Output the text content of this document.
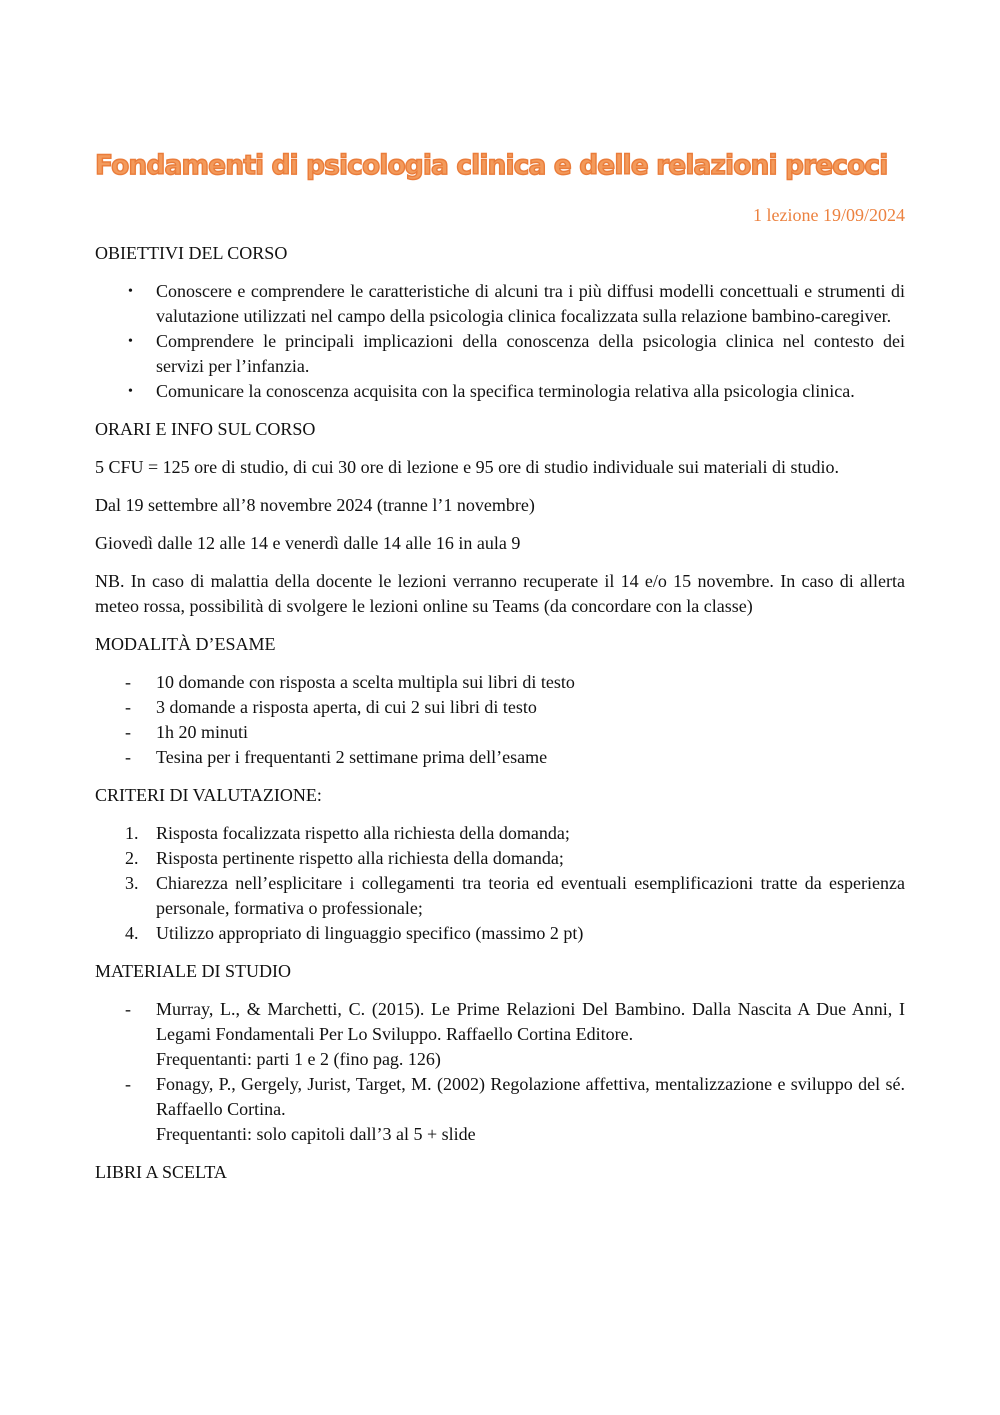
Fondamenti di psicologia clinica e delle relazioni precoci
1 lezione 19/09/2024
OBIETTIVI DEL CORSO
•	Conoscere e comprendere le caratteristiche di alcuni tra i più diffusi modelli concettuali e strumenti di valutazione utilizzati nel campo della psicologia clinica focalizzata sulla relazione bambino-caregiver.
•	Comprendere le principali implicazioni della conoscenza della psicologia clinica nel contesto dei servizi per l’infanzia.
•	Comunicare la conoscenza acquisita con la specifica terminologia relativa alla psicologia clinica.
ORARI E INFO SUL CORSO

5 CFU = 125 ore di studio, di cui 30 ore di lezione e 95 ore di studio individuale sui materiali di studio.

Dal 19 settembre all’8 novembre 2024 (tranne l’1 novembre)

Giovedì dalle 12 alle 14 e venerdì dalle 14 alle 16 in aula 9

NB. In caso di malattia della docente le lezioni verranno recuperate il 14 e/o 15 novembre. In caso di allerta meteo rossa, possibilità di svolgere le lezioni online su Teams (da concordare con la classe)

MODALITÀ D’ESAME
-	10 domande con risposta a scelta multipla sui libri di testo
-	3 domande a risposta aperta, di cui 2 sui libri di testo
-	1h 20 minuti
-	Tesina per i frequentanti 2 settimane prima dell’esame
CRITERI DI VALUTAZIONE:
1. Risposta focalizzata rispetto alla richiesta della domanda;
2. Risposta pertinente rispetto alla richiesta della domanda;
3. Chiarezza nell’esplicitare i collegamenti tra teoria ed eventuali esemplificazioni tratte da esperienza personale, formativa o professionale;
4. Utilizzo appropriato di linguaggio specifico (massimo 2 pt)
MATERIALE DI STUDIO
-	Murray, L., & Marchetti, C. (2015). Le Prime Relazioni Del Bambino. Dalla Nascita A Due Anni, I Legami Fondamentali Per Lo Sviluppo. Raffaello Cortina Editore.
Frequentanti: parti 1 e 2 (fino pag. 126)
-	Fonagy, P., Gergely, Jurist, Target, M. (2002) Regolazione affettiva, mentalizzazione e sviluppo del sé. Raffaello Cortina.
Frequentanti: solo capitoli dall’3 al 5 + slide
LIBRI A SCELTA
